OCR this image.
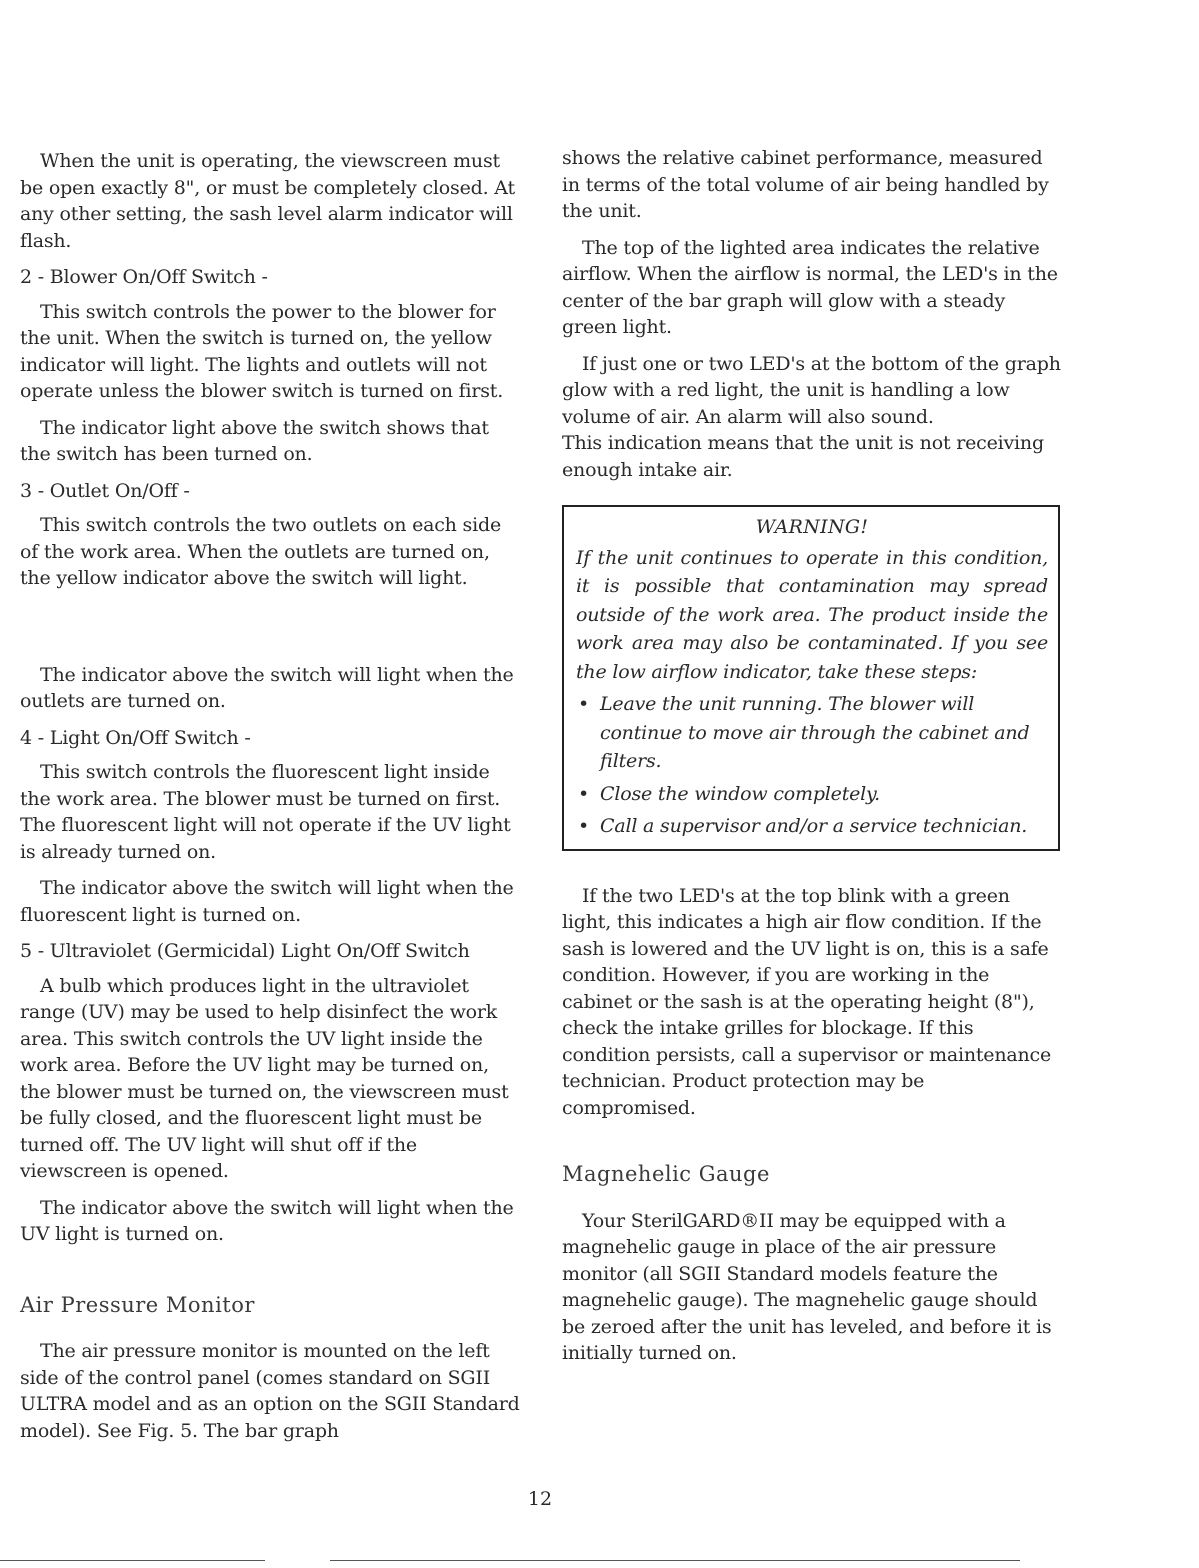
When the unit is operating, the viewscreen must be open exactly 8", or must be completely closed. At any other setting, the sash level alarm indicator will flash.

2 - Blower On/Off Switch -

This switch controls the power to the blower for the unit. When the switch is turned on, the yellow indicator will light. The lights and outlets will not operate unless the blower switch is turned on first.

The indicator light above the switch shows that the switch has been turned on.

3 - Outlet On/Off -

This switch controls the two outlets on each side of the work area. When the outlets are turned on, the yellow indicator above the switch will light.

The indicator above the switch will light when the outlets are turned on.

4 - Light On/Off Switch -

This switch controls the fluorescent light inside the work area. The blower must be turned on first. The fluorescent light will not operate if the UV light is already turned on.

The indicator above the switch will light when the fluorescent light is turned on.

5 - Ultraviolet (Germicidal) Light On/Off Switch

A bulb which produces light in the ultraviolet range (UV) may be used to help disinfect the work area. This switch controls the UV light inside the work area. Before the UV light may be turned on, the blower must be turned on, the viewscreen must be fully closed, and the fluorescent light must be turned off. The UV light will shut off if the viewscreen is opened.

The indicator above the switch will light when the UV light is turned on.

Air Pressure Monitor

The air pressure monitor is mounted on the left side of the control panel (comes standard on SGII ULTRA model and as an option on the SGII Standard model). See Fig. 5. The bar graph

shows the relative cabinet performance, measured in terms of the total volume of air being handled by the unit.

The top of the lighted area indicates the relative airflow. When the airflow is normal, the LED's in the center of the bar graph will glow with a steady green light.

If just one or two LED's at the bottom of the graph glow with a red light, the unit is handling a low volume of air. An alarm will also sound.

This indication means that the unit is not receiving enough intake air.

WARNING!

If the unit continues to operate in this condition, it is possible that contamination may spread outside of the work area. The product inside the work area may also be contaminated. If you see the low airflow indicator, take these steps:

• Leave the unit running. The blower will continue to move air through the cabinet and filters.
• Close the window completely.
• Call a supervisor and/or a service technician.

If the two LED's at the top blink with a green light, this indicates a high air flow condition. If the sash is lowered and the UV light is on, this is a safe condition. However, if you are working in the cabinet or the sash is at the operating height (8"), check the intake grilles for blockage. If this condition persists, call a supervisor or maintenance technician. Product protection may be compromised.

Magnehelic Gauge

Your SterilGARD®II may be equipped with a magnehelic gauge in place of the air pressure monitor (all SGII Standard models feature the magnehelic gauge). The magnehelic gauge should be zeroed after the unit has leveled, and before it is initially turned on.

12
